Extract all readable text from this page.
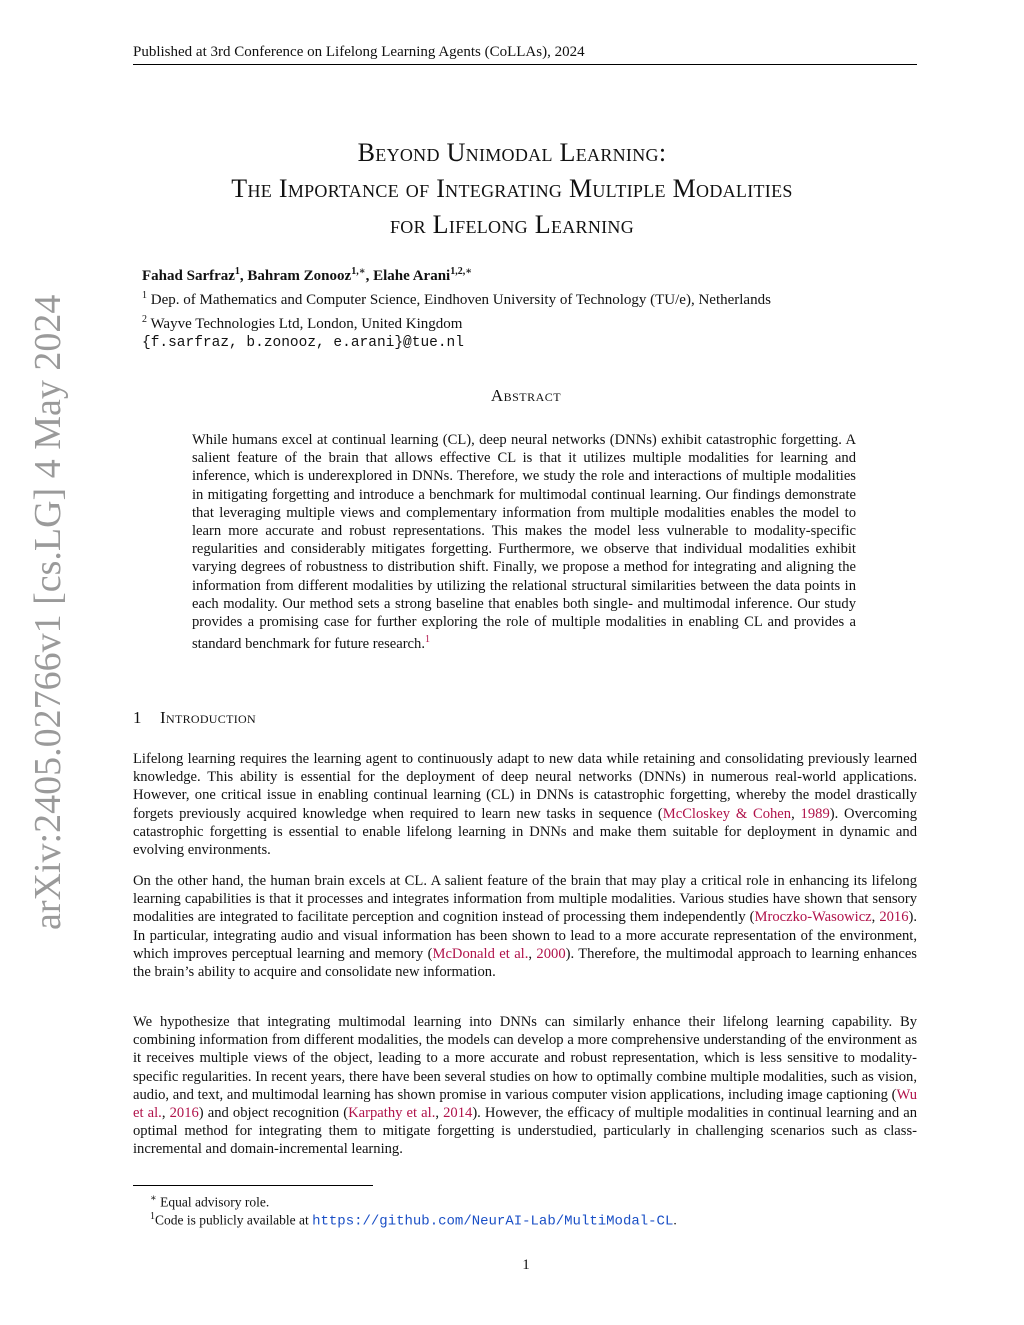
Published at 3rd Conference on Lifelong Learning Agents (CoLLAs), 2024
Beyond Unimodal Learning:
The Importance of Integrating Multiple Modalities
for Lifelong Learning
Fahad Sarfraz$^1$, Bahram Zonooz$^{1,∗}$, Elahe Arani$^{1,2,∗}$
$^1$ Dep. of Mathematics and Computer Science, Eindhoven University of Technology (TU/e), Netherlands
$^2$ Wayve Technologies Ltd, London, United Kingdom
{f.sarfraz, b.zonooz, e.arani}@tue.nl
Abstract
While humans excel at continual learning (CL), deep neural networks (DNNs) exhibit catastrophic forgetting. A salient feature of the brain that allows effective CL is that it utilizes multiple modalities for learning and inference, which is underexplored in DNNs. Therefore, we study the role and interactions of multiple modalities in mitigating forgetting and introduce a benchmark for multimodal continual learning. Our findings demonstrate that leveraging multiple views and complementary information from multiple modalities enables the model to learn more accurate and robust representations. This makes the model less vulnerable to modality-specific regularities and considerably mitigates forgetting. Furthermore, we observe that individual modalities exhibit varying degrees of robustness to distribution shift. Finally, we propose a method for integrating and aligning the information from different modalities by utilizing the relational structural similarities between the data points in each modality. Our method sets a strong baseline that enables both single- and multimodal inference. Our study provides a promising case for further exploring the role of multiple modalities in enabling CL and provides a standard benchmark for future research.$^1$
1 Introduction
Lifelong learning requires the learning agent to continuously adapt to new data while retaining and consolidating previously learned knowledge. This ability is essential for the deployment of deep neural networks (DNNs) in numerous real-world applications. However, one critical issue in enabling continual learning (CL) in DNNs is catastrophic forgetting, whereby the model drastically forgets previously acquired knowledge when required to learn new tasks in sequence (McCloskey & Cohen, 1989). Overcoming catastrophic forgetting is essential to enable lifelong learning in DNNs and make them suitable for deployment in dynamic and evolving environments.
On the other hand, the human brain excels at CL. A salient feature of the brain that may play a critical role in enhancing its lifelong learning capabilities is that it processes and integrates information from multiple modalities. Various studies have shown that sensory modalities are integrated to facilitate perception and cognition instead of processing them independently (Mroczko-Wasowicz, 2016). In particular, integrating audio and visual information has been shown to lead to a more accurate representation of the environment, which improves perceptual learning and memory (McDonald et al., 2000). Therefore, the multimodal approach to learning enhances the brain’s ability to acquire and consolidate new information.
We hypothesize that integrating multimodal learning into DNNs can similarly enhance their lifelong learning capability. By combining information from different modalities, the models can develop a more comprehensive understanding of the environment as it receives multiple views of the object, leading to a more accurate and robust representation, which is less sensitive to modality-specific regularities. In recent years, there have been several studies on how to optimally combine multiple modalities, such as vision, audio, and text, and multimodal learning has shown promise in various computer vision applications, including image captioning (Wu et al., 2016) and object recognition (Karpathy et al., 2014). However, the efficacy of multiple modalities in continual learning and an optimal method for integrating them to mitigate forgetting is understudied, particularly in challenging scenarios such as class-incremental and domain-incremental learning.
∗ Equal advisory role.
$^1$Code is publicly available at https://github.com/NeurAI-Lab/MultiModal-CL.
1
arXiv:2405.02766v1 [cs.LG] 4 May 2024
